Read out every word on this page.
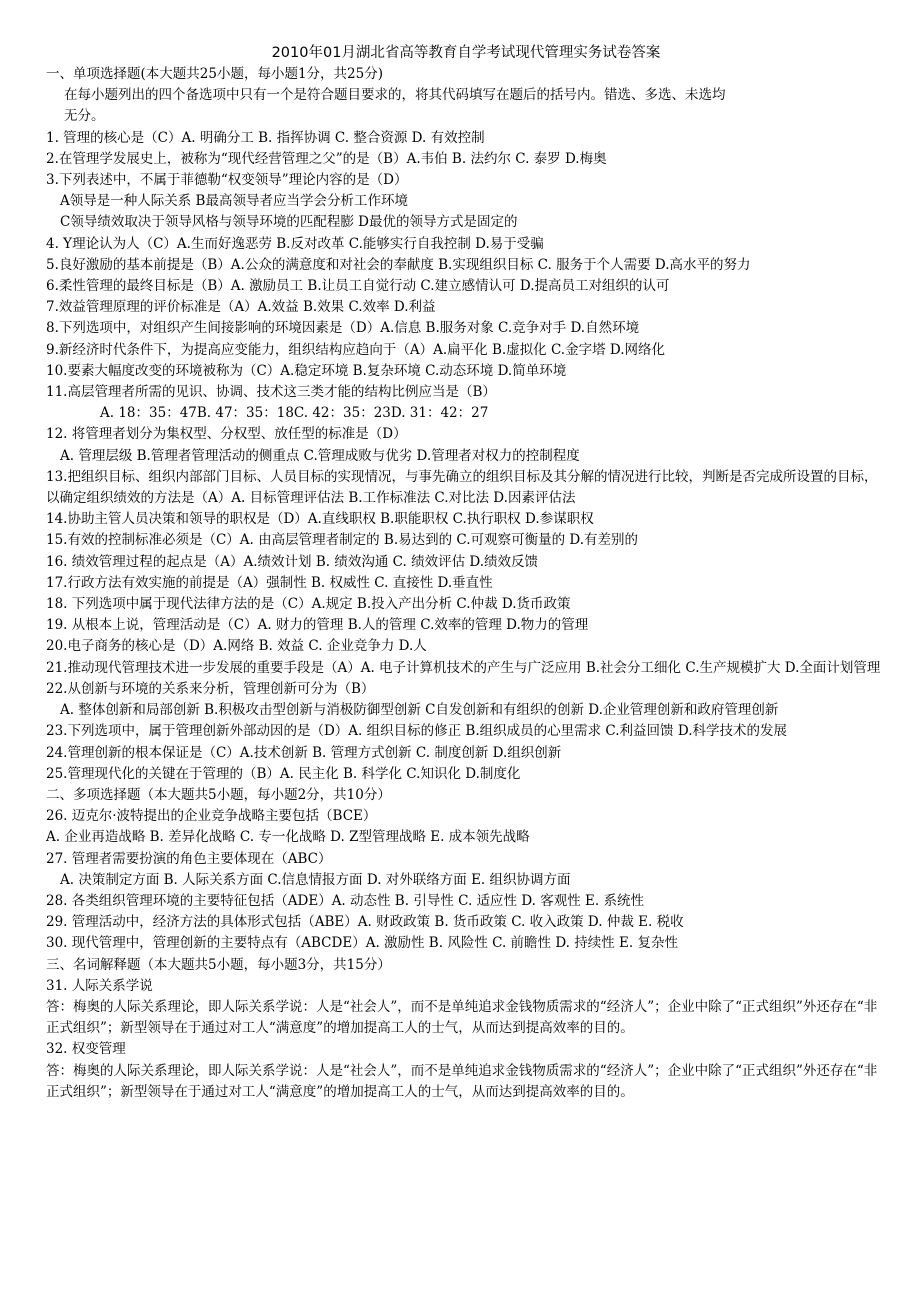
2010年01月湖北省高等教育自学考试现代管理实务试卷答案
一、单项选择题(本大题共25小题，每小题1分，共25分)
在每小题列出的四个备选项中只有一个是符合题目要求的，将其代码填写在题后的括号内。错选、多选、未选均
无分。
1. 管理的核心是（C）A. 明确分工 B. 指挥协调 C. 整合资源 D. 有效控制
2.在管理学发展史上，被称为“现代经营管理之父”的是（B）A.韦伯 B. 法约尔 C. 泰罗 D.梅奥
3.下列表述中，不属于菲德勒“权变领导”理论内容的是（D）
A领导是一种人际关系 B最高领导者应当学会分析工作环境
C领导绩效取决于领导风格与领导环境的匹配程膨 D最优的领导方式是固定的
4. Y理论认为人（C）A.生而好逸恶劳 B.反对改革 C.能够实行自我控制 D.易于受骗
5.良好激励的基本前提是（B）A.公众的满意度和对社会的奉献度 B.实现组织目标 C. 服务于个人需要 D.高水平的努力
6.柔性管理的最终目标是（B）A. 激励员工 B.让员工自觉行动 C.建立感情认可 D.提高员工对组织的认可
7.效益管理原理的评价标准是（A）A.效益 B.效果 C.效率 D.利益
8.下列选项中，对组织产生间接影响的环境因素是（D）A.信息 B.服务对象 C.竞争对手 D.自然环境
9.新经济时代条件下，为提高应变能力，组织结构应趋向于（A）A.扁平化 B.虚拟化 C.金字塔 D.网络化
10.要素大幅度改变的环境被称为（C）A.稳定环境 B.复杂环境 C.动态环境 D.简单环境
11.高层管理者所需的见识、协调、技术这三类才能的结构比例应当是（B）
A. 18：35：47B. 47：35：18C. 42：35：23D. 31：42：27
12. 将管理者划分为集权型、分权型、放任型的标准是（D）
A. 管理层级 B.管理者管理活动的侧重点 C.管理成败与优劣 D.管理者对权力的控制程度
13.把组织目标、组织内部部门目标、人员目标的实现情况，与事先确立的组织目标及其分解的情况进行比较，判断是否完成所设置的目标，以确定组织绩效的方法是（A）A. 目标管理评估法 B.工作标准法 C.对比法 D.因素评估法
14.协助主管人员决策和领导的职权是（D）A.直线职权 B.职能职权 C.执行职权 D.参谋职权
15.有效的控制标准必须是（C）A. 由高层管理者制定的 B.易达到的 C.可观察可衡量的 D.有差别的
16. 绩效管理过程的起点是（A）A.绩效计划 B. 绩效沟通 C. 绩效评估 D.绩效反馈
17.行政方法有效实施的前提是（A）强制性 B. 权威性 C. 直接性 D.垂直性
18. 下列选项中属于现代法律方法的是（C）A.规定 B.投入产出分析 C.仲裁 D.货币政策
19. 从根本上说，管理活动是（C）A. 财力的管理 B.人的管理 C.效率的管理 D.物力的管理
20.电子商务的核心是（D）A.网络 B. 效益 C. 企业竞争力 D.人
21.推动现代管理技术进一步发展的重要手段是（A）A. 电子计算机技术的产生与广泛应用 B.社会分工细化 C.生产规模扩大 D.全面计划管理
22.从创新与环境的关系来分析，管理创新可分为（B）
A. 整体创新和局部创新 B.积极攻击型创新与消极防御型创新 C自发创新和有组织的创新 D.企业管理创新和政府管理创新
23.下列选项中，属于管理创新外部动因的是（D）A. 组织目标的修正 B.组织成员的心里需求 C.利益回馈 D.科学技术的发展
24.管理创新的根本保证是（C）A.技术创新 B. 管理方式创新 C. 制度创新 D.组织创新
25.管理现代化的关键在于管理的（B）A. 民主化 B. 科学化 C.知识化 D.制度化
二、多项选择题（本大题共5小题，每小题2分，共10分）
26. 迈克尔·波特提出的企业竞争战略主要包括（BCE）
A. 企业再造战略 B. 差异化战略 C. 专一化战略 D. Z型管理战略 E. 成本领先战略
27. 管理者需要扮演的角色主要体现在（ABC）
A. 决策制定方面 B. 人际关系方面 C.信息情报方面 D. 对外联络方面 E. 组织协调方面
28. 各类组织管理环境的主要特征包括（ADE）A. 动态性 B. 引导性 C. 适应性 D. 客观性 E. 系统性
29. 管理活动中，经济方法的具体形式包括（ABE）A. 财政政策 B. 货币政策 C. 收入政策 D. 仲裁 E. 税收
30. 现代管理中，管理创新的主要特点有（ABCDE）A. 激励性 B. 风险性 C. 前瞻性 D. 持续性 E. 复杂性
三、名词解释题（本大题共5小题，每小题3分，共15分）
31. 人际关系学说
答：梅奥的人际关系理论，即人际关系学说：人是“社会人”，而不是单纯追求金钱物质需求的“经济人”；企业中除了“正式组织”外还存在“非正式组织”；新型领导在于通过对工人“满意度”的增加提高工人的士气，从而达到提高效率的目的。
32. 权变管理
答：梅奥的人际关系理论，即人际关系学说：人是“社会人”，而不是单纯追求金钱物质需求的“经济人”；企业中除了“正式组织”外还存在“非正式组织”；新型领导在于通过对工人“满意度”的增加提高工人的士气，从而达到提高效率的目的。
